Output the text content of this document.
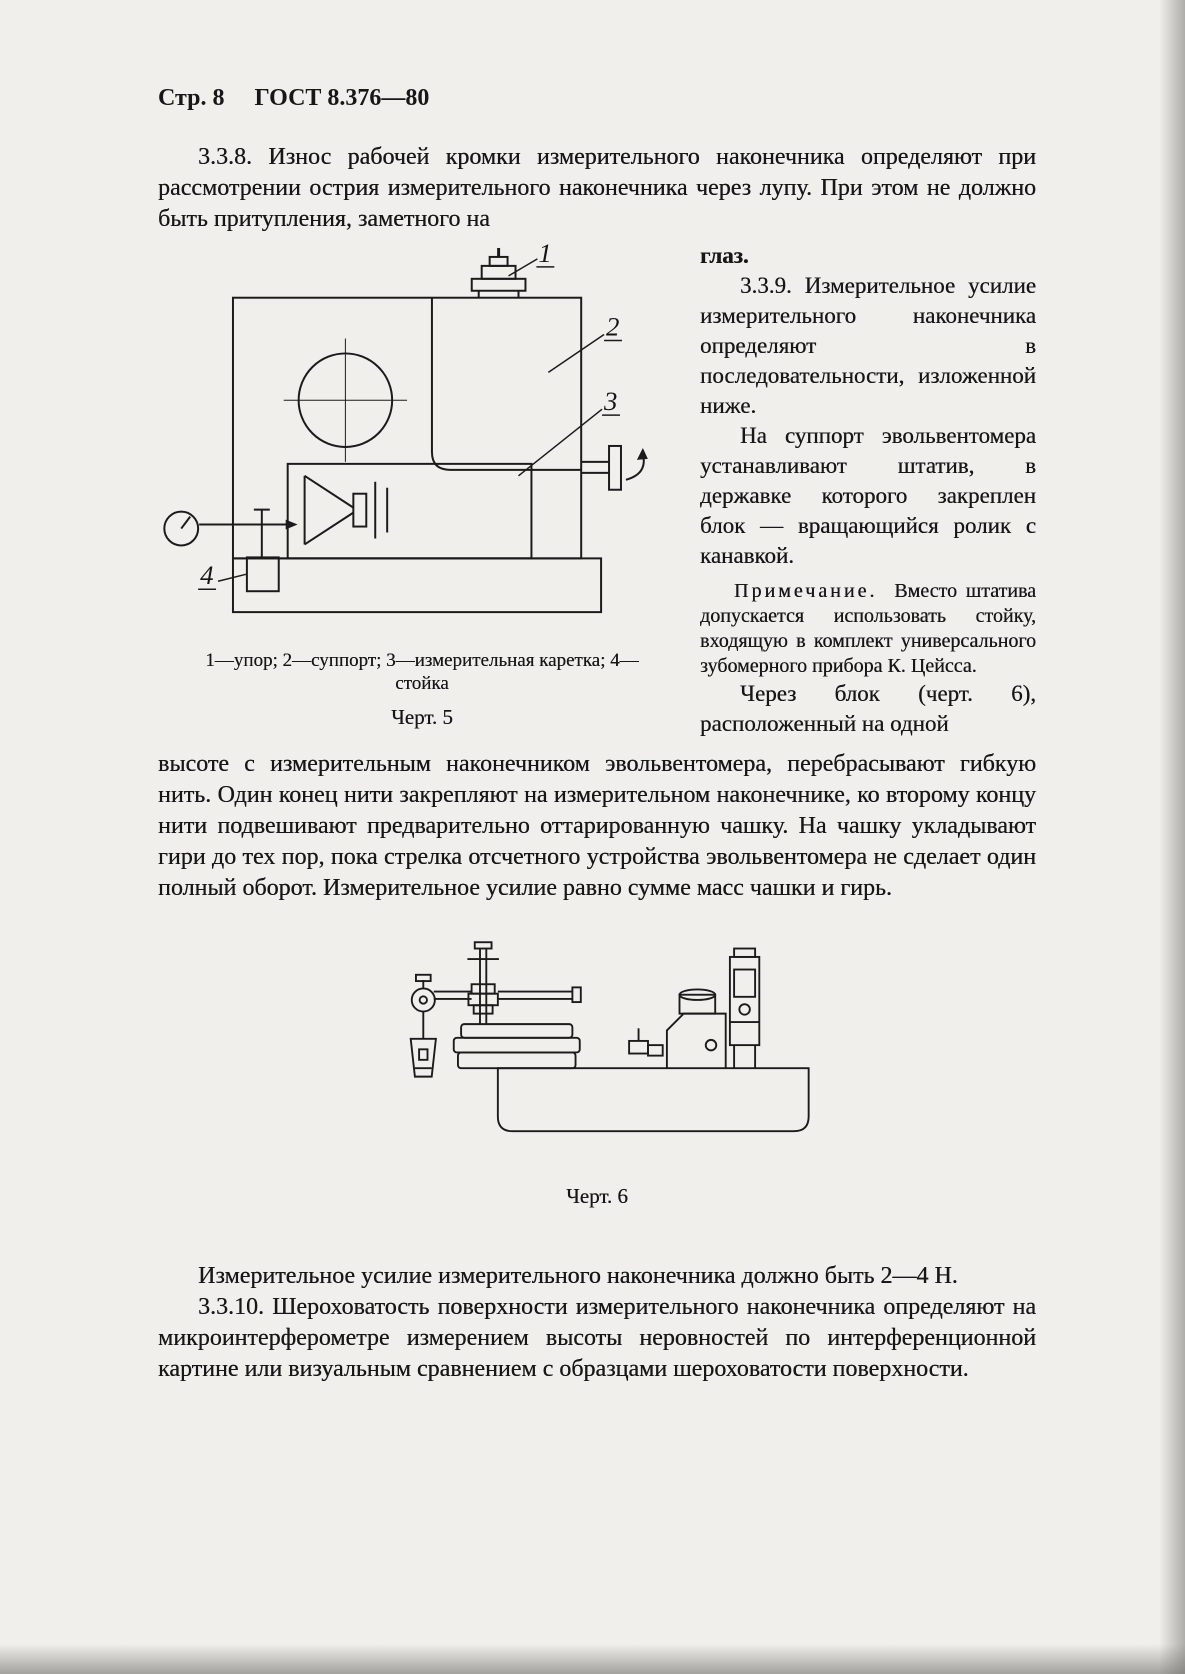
Стр. 8 ГОСТ 8.376—80

3.3.8. Износ рабочей кромки измерительного наконечника определяют при рассмотрении острия измерительного наконечника через лупу. При этом не должно быть притупления, заметного на

1
2
3
4

1—упор; 2—суппорт; 3—измерительная каретка; 4—стойка

Черт. 5

глаз.

3.3.9. Измерительное усилие измерительного наконечника определяют в последовательности, изложенной ниже.

На суппорт эвольвентомера устанавливают штатив, в державке которого закреплен блок — вращающийся ролик с канавкой.

Примечание. Вместо штатива допускается использовать стойку, входящую в комплект универсального зубомерного прибора К. Цейсса.

Через блок (черт. 6), расположенный на одной

высоте с измерительным наконечником эвольвентомера, перебрасывают гибкую нить. Один конец нити закрепляют на измерительном наконечнике, ко второму концу нити подвешивают предварительно оттарированную чашку. На чашку укладывают гири до тех пор, пока стрелка отсчетного устройства эвольвентомера не сделает один полный оборот. Измерительное усилие равно сумме масс чашки и гирь.

Черт. 6

Измерительное усилие измерительного наконечника должно быть 2—4 Н.

3.3.10. Шероховатость поверхности измерительного наконечника определяют на микроинтерферометре измерением высоты неровностей по интерференционной картине или визуальным сравнением с образцами шероховатости поверхности.
